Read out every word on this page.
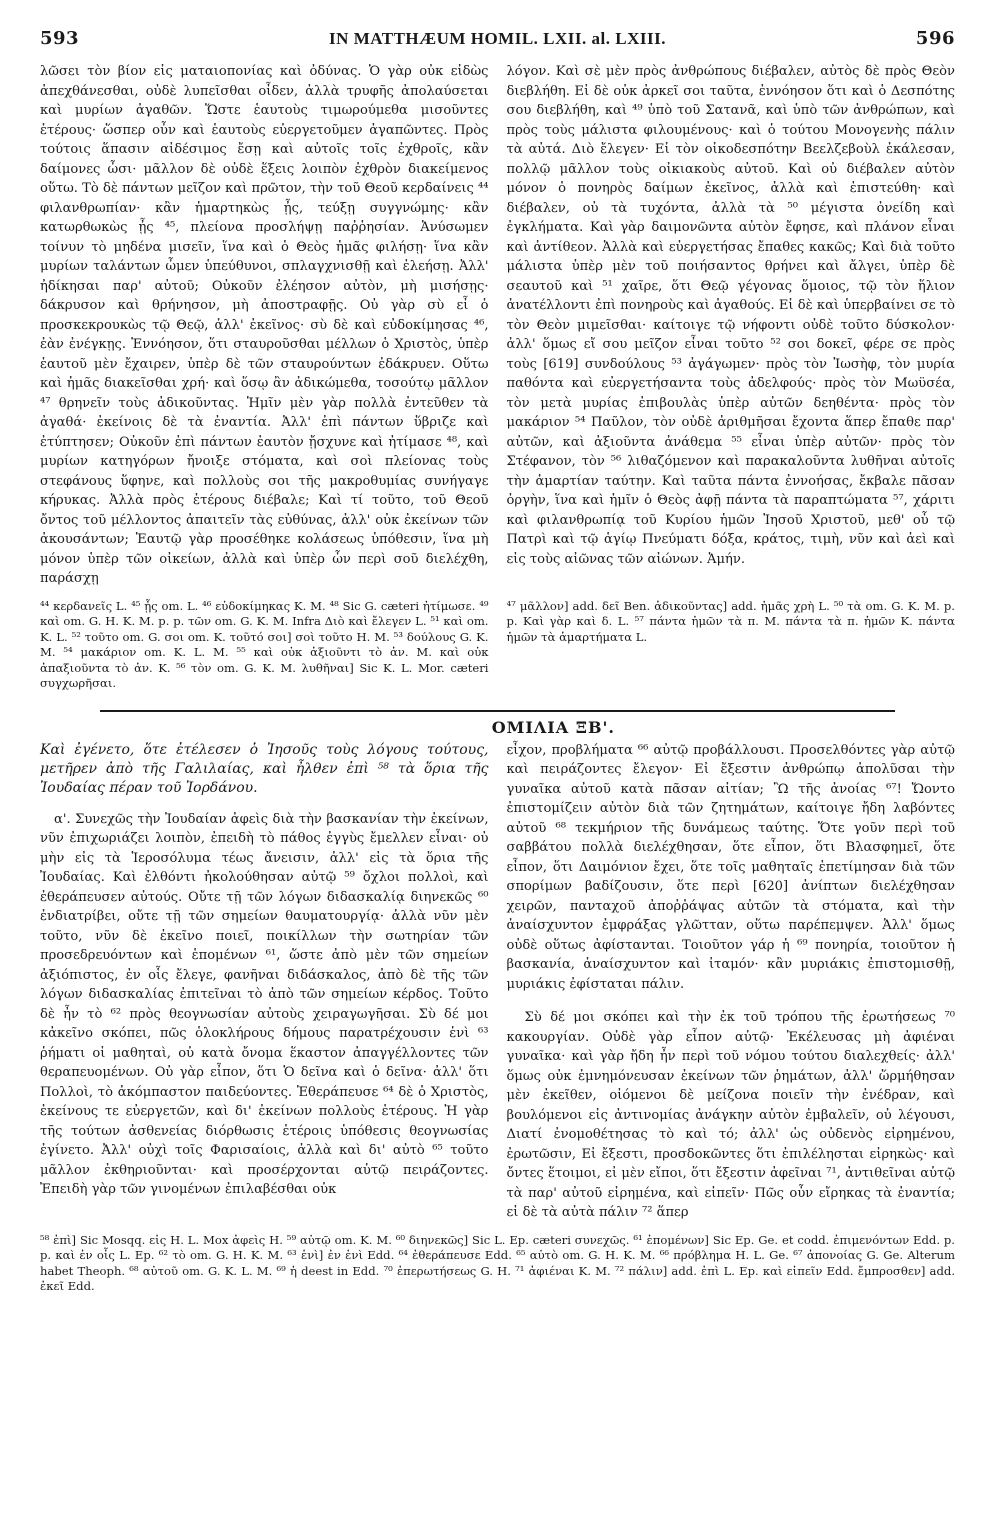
593	IN MATTHÆUM HOMIL. LXII. al. LXIII.	596
λῶσει τὸν βίον εἰς ματαιοπονίας καὶ ὀδύνας. Ὁ γὰρ οὐκ εἰδὼς ἀπεχθάνεσθαι, οὐδὲ λυπεῖσθαι οἶδεν, ἀλλὰ τρυφῆς ἀπολαύσεται καὶ μυρίων ἀγαθῶν. Ὥστε ἑαυτοὺς τιμωρούμεθα μισοῦντες ἑτέρους· ὥσπερ οὖν καὶ ἑαυτοὺς εὐεργετοῦμεν ἀγαπῶντες. Πρὸς τούτοις ἅπασιν αἰδέσιμος ἔσῃ καὶ αὐτοῖς τοῖς ἐχθροῖς, κἂν δαίμονες ὦσι· μᾶλλον δὲ οὐδὲ ἕξεις λοιπὸν ἐχθρὸν διακείμενος οὕτω. Τὸ δὲ πάντων μεῖζον καὶ πρῶτον, τὴν τοῦ Θεοῦ κερδαίνεις ⁴⁴ φιλανθρωπίαν· κἂν ἡμαρτηκὼς ᾖς, τεύξῃ συγγνώμης· κἂν κατωρθωκὼς ᾖς ⁴⁵, πλείονα προσλήψῃ παῤῥησίαν. Ἀνύσωμεν τοίνυν τὸ μηδένα μισεῖν, ἵνα καὶ ὁ Θεὸς ἡμᾶς φιλήσῃ· ἵνα κἂν μυρίων ταλάντων ὦμεν ὑπεύθυνοι, σπλαγχνισθῇ καὶ ἐλεήσῃ. Ἀλλ' ἠδίκησαι παρ' αὐτοῦ; Οὐκοῦν ἐλέησον αὐτὸν, μὴ μισήσῃς· δάκρυσον καὶ θρήνησον, μὴ ἀποστραφῇς. Οὐ γὰρ σὺ εἶ ὁ προσκεκρουκὼς τῷ Θεῷ, ἀλλ' ἐκεῖνος· σὺ δὲ καὶ εὐδοκίμησας ⁴⁶, ἐὰν ἐνέγκῃς. Ἐννόησον, ὅτι σταυροῦσθαι μέλλων ὁ Χριστὸς, ὑπὲρ ἑαυτοῦ μὲν ἔχαιρεν, ὑπὲρ δὲ τῶν σταυρούντων ἐδάκρυεν. Οὕτω καὶ ἡμᾶς διακεῖσθαι χρή· καὶ ὅσῳ ἂν ἀδικώμεθα, τοσούτῳ μᾶλλον ⁴⁷ θρηνεῖν τοὺς ἀδικοῦντας. Ἡμῖν μὲν γὰρ πολλὰ ἐντεῦθεν τὰ ἀγαθά· ἐκείνοις δὲ τὰ ἐναντία. Ἀλλ' ἐπὶ πάντων ὕβριζε καὶ ἐτύπτησεν; Οὐκοῦν ἐπὶ πάντων ἑαυτὸν ᾔσχυνε καὶ ἠτίμασε ⁴⁸, καὶ μυρίων κατηγόρων ἤνοιξε στόματα, καὶ σοὶ πλείονας τοὺς στεφάνους ὕφηνε, καὶ πολλοὺς σοι τῆς μακροθυμίας συνήγαγε κήρυκας. Ἀλλὰ πρὸς ἑτέρους διέβαλε; Καὶ τί τοῦτο, τοῦ Θεοῦ ὄντος τοῦ μέλλοντος ἀπαιτεῖν τὰς εὐθύνας, ἀλλ' οὐκ ἐκείνων τῶν ἀκουσάντων; Ἑαυτῷ γὰρ προσέθηκε κολάσεως ὑπόθεσιν, ἵνα μὴ μόνον ὑπὲρ τῶν οἰκείων, ἀλλὰ καὶ ὑπὲρ ὧν περὶ σοῦ διελέχθη, παράσχῃ
λόγον. Καὶ σὲ μὲν πρὸς ἀνθρώπους διέβαλεν, αὐτὸς δὲ πρὸς Θεὸν διεβλήθη. Εἰ δὲ οὐκ ἀρκεῖ σοι ταῦτα, ἐννόησον ὅτι καὶ ὁ Δεσπότης σου διεβλήθη, καὶ ⁴⁹ ὑπὸ τοῦ Σατανᾶ, καὶ ὑπὸ τῶν ἀνθρώπων, καὶ πρὸς τοὺς μάλιστα φιλουμένους· καὶ ὁ τούτου Μονογενὴς πάλιν τὰ αὐτά. Διὸ ἔλεγεν· Εἰ τὸν οἰκοδεσπότην Βεελζεβοὺλ ἐκάλεσαν, πολλῷ μᾶλλον τοὺς οἰκιακοὺς αὐτοῦ. Καὶ οὐ διέβαλεν αὐτὸν μόνον ὁ πονηρὸς δαίμων ἐκεῖνος, ἀλλὰ καὶ ἐπιστεύθη· καὶ διέβαλεν, οὐ τὰ τυχόντα, ἀλλὰ τὰ ⁵⁰ μέγιστα ὀνείδη καὶ ἐγκλήματα. Καὶ γὰρ δαιμονῶντα αὐτὸν ἔφησε, καὶ πλάνον εἶναι καὶ ἀντίθεον. Ἀλλὰ καὶ εὐεργετήσας ἔπαθες κακῶς; Καὶ διὰ τοῦτο μάλιστα ὑπὲρ μὲν τοῦ ποιήσαντος θρήνει καὶ ἄλγει, ὑπὲρ δὲ σεαυτοῦ καὶ ⁵¹ χαῖρε, ὅτι Θεῷ γέγονας ὅμοιος, τῷ τὸν ἥλιον ἀνατέλλοντι ἐπὶ πονηροὺς καὶ ἀγαθούς. Εἰ δὲ καὶ ὑπερβαίνει σε τὸ τὸν Θεὸν μιμεῖσθαι· καίτοιγε τῷ νήφοντι οὐδὲ τοῦτο δύσκολον· ἀλλ' ὅμως εἴ σου μεῖζον εἶναι τοῦτο ⁵² σοι δοκεῖ, φέρε σε πρὸς τοὺς [619] συνδούλους ⁵³ ἀγάγωμεν· πρὸς τὸν Ἰωσὴφ, τὸν μυρία παθόντα καὶ εὐεργετήσαντα τοὺς ἀδελφούς· πρὸς τὸν Μωϋσέα, τὸν μετὰ μυρίας ἐπιβουλὰς ὑπὲρ αὐτῶν δεηθέντα· πρὸς τὸν μακάριον ⁵⁴ Παῦλον, τὸν οὐδὲ ἀριθμῆσαι ἔχοντα ἅπερ ἔπαθε παρ' αὐτῶν, καὶ ἀξιοῦντα ἀνάθεμα ⁵⁵ εἶναι ὑπὲρ αὐτῶν· πρὸς τὸν Στέφανον, τὸν ⁵⁶ λιθαζόμενον καὶ παρακαλοῦντα λυθῆναι αὐτοῖς τὴν ἁμαρτίαν ταύτην. Καὶ ταῦτα πάντα ἐννοήσας, ἔκβαλε πᾶσαν ὀργὴν, ἵνα καὶ ἡμῖν ὁ Θεὸς ἀφῇ πάντα τὰ παραπτώματα ⁵⁷, χάριτι καὶ φιλανθρωπίᾳ τοῦ Κυρίου ἡμῶν Ἰησοῦ Χριστοῦ, μεθ' οὗ τῷ Πατρὶ καὶ τῷ ἁγίῳ Πνεύματι δόξα, κράτος, τιμὴ, νῦν καὶ ἀεὶ καὶ εἰς τοὺς αἰῶνας τῶν αἰώνων. Ἀμήν.
⁴⁴ κερδανεῖς L. ⁴⁵ ᾖς om. L. ⁴⁶ εὐδοκίμηκας K. M. ⁴⁸ Sic G. cæteri ἠτίμωσε. ⁴⁹ καὶ om. G. H. K. M. p. p. τῶν om. G. K. M. Infra Διὸ καὶ ἔλεγεν L. ⁵¹ καὶ om. K. L. ⁵² τοῦτο om. G. σοι om. K. τοῦτό σοι] σοὶ τοῦτο H. M. ⁵³ δούλους G. K. M. ⁵⁴ μακάριον om. K. L. M. ⁵⁵ καὶ οὐκ ἀξιοῦντι τὸ ἀν. M. καὶ οὐκ ἀπαξιοῦντα τὸ ἀν. K. ⁵⁶ τὸν om. G. K. M. λυθῆναι] Sic K. L. Mor. cæteri συγχωρῆσαι.
⁴⁷ μᾶλλον] add. δεῖ Ben. ἀδικοῦντας] add. ἡμᾶς χρὴ L. ⁵⁰ τὰ om. G. K. M. p. p. Καὶ γὰρ καὶ δ. L. ⁵⁷ πάντα ἡμῶν τὰ π. M. πάντα τὰ π. ἡμῶν K. πάντα ἡμῶν τὰ ἁμαρτήματα L.
ΟΜΙΛΙΑ ΞΒ'.
Καὶ ἐγένετο, ὅτε ἐτέλεσεν ὁ Ἰησοῦς τοὺς λόγους τούτους, μετῆρεν ἀπὸ τῆς Γαλιλαίας, καὶ ἦλθεν ἐπὶ ⁵⁸ τὰ ὅρια τῆς Ἰουδαίας πέραν τοῦ Ἰορδάνου.
α'. Συνεχῶς τὴν Ἰουδαίαν ἀφεὶς διὰ τὴν βασκανίαν τὴν ἐκείνων, νῦν ἐπιχωριάζει λοιπὸν, ἐπειδὴ τὸ πάθος ἐγγὺς ἔμελλεν εἶναι· οὐ μὴν εἰς τὰ Ἱεροσόλυμα τέως ἄνεισιν, ἀλλ' εἰς τὰ ὅρια τῆς Ἰουδαίας. Καὶ ἐλθόντι ἠκολούθησαν αὐτῷ ⁵⁹ ὄχλοι πολλοὶ, καὶ ἐθεράπευσεν αὐτούς. Οὔτε τῇ τῶν λόγων διδασκαλίᾳ διηνεκῶς ⁶⁰ ἐνδιατρίβει, οὔτε τῇ τῶν σημείων θαυματουργίᾳ· ἀλλὰ νῦν μὲν τοῦτο, νῦν δὲ ἐκεῖνο ποιεῖ, ποικίλλων τὴν σωτηρίαν τῶν προσεδρευόντων καὶ ἑπομένων ⁶¹, ὥστε ἀπὸ μὲν τῶν σημείων ἀξιόπιστος, ἐν οἷς ἔλεγε, φανῆναι διδάσκαλος, ἀπὸ δὲ τῆς τῶν λόγων διδασκαλίας ἐπιτεῖναι τὸ ἀπὸ τῶν σημείων κέρδος. Τοῦτο δὲ ἦν τὸ ⁶² πρὸς θεογνωσίαν αὐτοὺς χειραγωγῆσαι. Σὺ δέ μοι κἀκεῖνο σκόπει, πῶς ὁλοκλήρους δήμους παρατρέχουσιν ἑνὶ ⁶³ ῥήματι οἱ μαθηταὶ, οὐ κατὰ ὄνομα ἕκαστον ἀπαγγέλλοντες τῶν θεραπευομένων. Οὐ γὰρ εἶπον, ὅτι Ὁ δεῖνα καὶ ὁ δεῖνα· ἀλλ' ὅτι Πολλοὶ, τὸ ἀκόμπαστον παιδεύοντες. Ἐθεράπευσε ⁶⁴ δὲ ὁ Χριστὸς, ἐκείνους τε εὐεργετῶν, καὶ δι' ἐκείνων πολλοὺς ἑτέρους. Ἡ γὰρ τῆς τούτων ἀσθενείας διόρθωσις ἑτέροις ὑπόθεσις θεογνωσίας ἐγίνετο. Ἀλλ' οὐχὶ τοῖς Φαρισαίοις, ἀλλὰ καὶ δι' αὐτὸ ⁶⁵ τοῦτο μᾶλλον ἐκθηριοῦνται· καὶ προσέρχονται αὐτῷ πειράζοντες. Ἐπειδὴ γὰρ τῶν γινομένων ἐπιλαβέσθαι οὐκ

εἶχον, προβλήματα ⁶⁶ αὐτῷ προβάλλουσι. Προσελθόντες γὰρ αὐτῷ καὶ πειράζοντες ἔλεγον· Εἰ ἔξεστιν ἀνθρώπῳ ἀπολῦσαι τὴν γυναῖκα αὐτοῦ κατὰ πᾶσαν αἰτίαν; Ὢ τῆς ἀνοίας ⁶⁷! Ὤοντο ἐπιστομίζειν αὐτὸν διὰ τῶν ζητημάτων, καίτοιγε ἤδη λαβόντες αὐτοῦ ⁶⁸ τεκμήριον τῆς δυνάμεως ταύτης. Ὅτε γοῦν περὶ τοῦ σαββάτου πολλὰ διελέχθησαν, ὅτε εἶπον, ὅτι Βλασφημεῖ, ὅτε εἶπον, ὅτι Δαιμόνιον ἔχει, ὅτε τοῖς μαθηταῖς ἐπετίμησαν διὰ τῶν σπορίμων βαδίζουσιν, ὅτε περὶ [620] ἀνίπτων διελέχθησαν χειρῶν, πανταχοῦ ἀποῤῥάψας αὐτῶν τὰ στόματα, καὶ τὴν ἀναίσχυντον ἐμφράξας γλῶτταν, οὕτω παρέπεμψεν. Ἀλλ' ὅμως οὐδὲ οὕτως ἀφίστανται. Τοιοῦτον γάρ ἡ ⁶⁹ πονηρία, τοιοῦτον ἡ βασκανία, ἀναίσχυντον καὶ ἰταμόν· κἂν μυριάκις ἐπιστομισθῇ, μυριάκις ἐφίσταται πάλιν.

Σὺ δέ μοι σκόπει καὶ τὴν ἐκ τοῦ τρόπου τῆς ἐρωτήσεως ⁷⁰ κακουργίαν. Οὐδὲ γὰρ εἶπον αὐτῷ· Ἐκέλευσας μὴ ἀφιέναι γυναῖκα· καὶ γὰρ ἤδη ἦν περὶ τοῦ νόμου τούτου διαλεχθείς· ἀλλ' ὅμως οὐκ ἐμνημόνευσαν ἐκείνων τῶν ῥημάτων, ἀλλ' ὥρμήθησαν μὲν ἐκεῖθεν, οἰόμενοι δὲ μείζονα ποιεῖν τὴν ἐνέδραν, καὶ βουλόμενοι εἰς ἀντινομίας ἀνάγκην αὐτὸν ἐμβαλεῖν, οὐ λέγουσι, Διατί ἐνομοθέτησας τὸ καὶ τό; ἀλλ' ὡς οὐδενὸς εἰρημένου, ἐρωτῶσιν, Εἰ ἔξεστι, προσδοκῶντες ὅτι ἐπιλέλησται εἰρηκὼς· καὶ ὄντες ἕτοιμοι, εἰ μὲν εἴποι, ὅτι ἔξεστιν ἀφεῖναι ⁷¹, ἀντιθεῖναι αὐτῷ τὰ παρ' αὐτοῦ εἰρημένα, καὶ εἰπεῖν· Πῶς οὖν εἴρηκας τὰ ἐναντία; εἰ δὲ τὰ αὐτὰ πάλιν ⁷² ἅπερ

⁵⁸ ἐπὶ] Sic Mosqq. εἰς H. L. Mox ἀφεὶς H. ⁵⁹ αὐτῷ om. K. M. ⁶⁰ διηνεκῶς] Sic L. Ep. cæteri συνεχῶς. ⁶¹ ἑπομένων] Sic Ep. Ge. et codd. ἐπιμενόντων Edd. p. p. καὶ ἐν οἷς L. Ep. ⁶² τὸ om. G. H. K. M. ⁶³ ἑνὶ] ἐν ἑνὶ Edd. ⁶⁴ ἐθεράπευσε Edd. ⁶⁵ αὐτὸ om. G. H. K. M. ⁶⁶ πρόβλημα H. L. Ge. ⁶⁷ ἀπονοίας G. Ge. Alterum habet Theoph. ⁶⁸ αὐτοῦ om. G. K. L. M. ⁶⁹ ἡ deest in Edd. ⁷⁰ ἐπερωτήσεως G. H. ⁷¹ ἀφιέναι K. M. ⁷² πάλιν] add. ἐπὶ L. Ep. καὶ εἰπεῖν Edd. ἔμπροσθεν] add. ἐκεῖ Edd.
